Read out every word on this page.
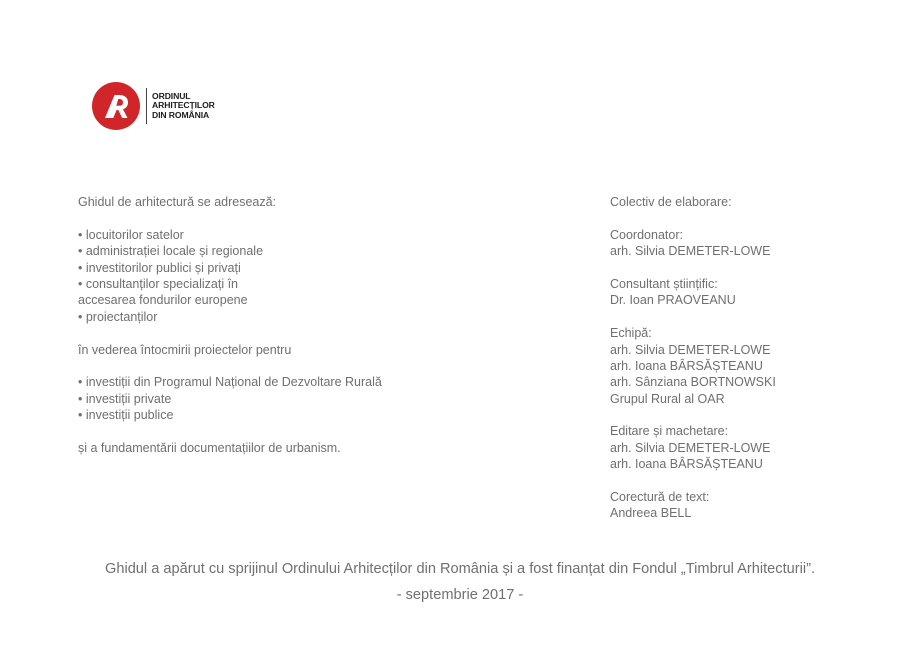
ORDINUL
ARHITECȚILOR
DIN ROMÂNIA
Ghidul de arhitectură se adresează:
• locuitorilor satelor
• administrației locale și regionale
• investitorilor publici și privați
• consultanților specializați în
accesarea fondurilor europene
• proiectanților
în vederea întocmirii proiectelor pentru
• investiții din Programul Național de Dezvoltare Rurală
• investiții private
• investiții publice
și a fundamentării documentațiilor de urbanism.
Colectiv de elaborare:
Coordonator:
arh. Silvia DEMETER-LOWE
Consultant științific:
Dr. Ioan PRAOVEANU
Echipă:
arh. Silvia DEMETER-LOWE
arh. Ioana BÂRSĂȘTEANU
arh. Sânziana BORTNOWSKI
Grupul Rural al OAR
Editare și machetare:
arh. Silvia DEMETER-LOWE
arh. Ioana BÂRSĂȘTEANU
Corectură de text:
Andreea BELL
Ghidul a apărut cu sprijinul Ordinului Arhitecților din România și a fost finanțat din Fondul „Timbrul Arhitecturii”.
- septembrie 2017 -
